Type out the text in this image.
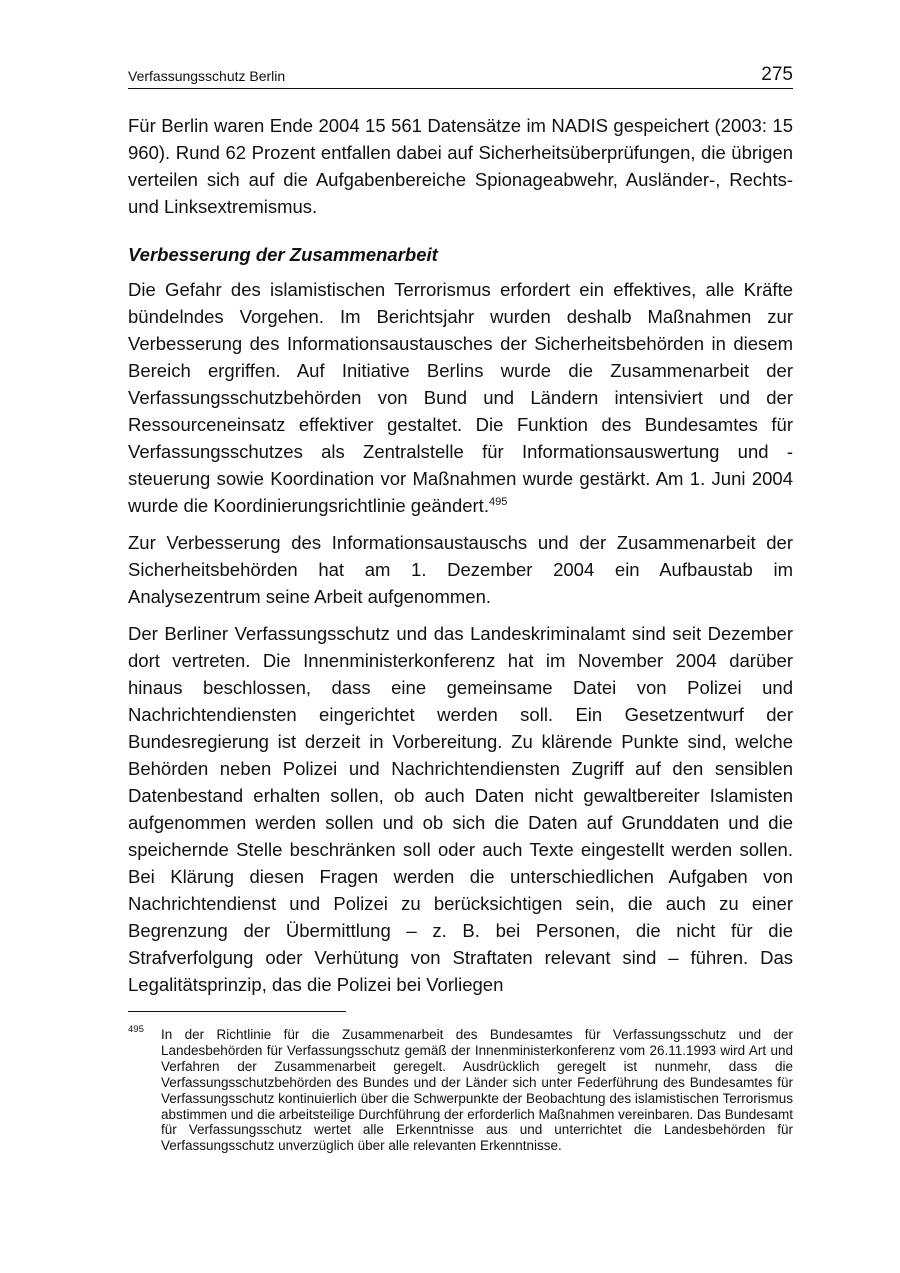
Verfassungsschutz Berlin	275

Für Berlin waren Ende 2004 15 561 Datensätze im NADIS gespeichert (2003: 15 960). Rund 62 Prozent entfallen dabei auf Sicherheitsüberprüfungen, die übrigen verteilen sich auf die Aufgabenbereiche Spionageabwehr, Ausländer-, Rechts- und Linksextremismus.

Verbesserung der Zusammenarbeit

Die Gefahr des islamistischen Terrorismus erfordert ein effektives, alle Kräfte bündelndes Vorgehen. Im Berichtsjahr wurden deshalb Maßnahmen zur Verbesserung des Informationsaustausches der Sicherheitsbehörden in diesem Bereich ergriffen. Auf Initiative Berlins wurde die Zusammenarbeit der Verfassungsschutzbehörden von Bund und Ländern intensiviert und der Ressourceneinsatz effektiver gestaltet. Die Funktion des Bundesamtes für Verfassungsschutzes als Zentralstelle für Informationsauswertung und -steuerung sowie Koordination vor Maßnahmen wurde gestärkt. Am 1. Juni 2004 wurde die Koordinierungsrichtlinie geändert.$^{495}$

Zur Verbesserung des Informationsaustauschs und der Zusammenarbeit der Sicherheitsbehörden hat am 1. Dezember 2004 ein Aufbaustab im Analysezentrum seine Arbeit aufgenommen.

Der Berliner Verfassungsschutz und das Landeskriminalamt sind seit Dezember dort vertreten. Die Innenministerkonferenz hat im November 2004 darüber hinaus beschlossen, dass eine gemeinsame Datei von Polizei und Nachrichtendiensten eingerichtet werden soll. Ein Gesetzentwurf der Bundesregierung ist derzeit in Vorbereitung. Zu klärende Punkte sind, welche Behörden neben Polizei und Nachrichtendiensten Zugriff auf den sensiblen Datenbestand erhalten sollen, ob auch Daten nicht gewaltbereiter Islamisten aufgenommen werden sollen und ob sich die Daten auf Grunddaten und die speichernde Stelle beschränken soll oder auch Texte eingestellt werden sollen. Bei Klärung diesen Fragen werden die unterschiedlichen Aufgaben von Nachrichtendienst und Polizei zu berücksichtigen sein, die auch zu einer Begrenzung der Übermittlung – z. B. bei Personen, die nicht für die Strafverfolgung oder Verhütung von Straftaten relevant sind – führen. Das Legalitätsprinzip, das die Polizei bei Vorliegen

495 In der Richtlinie für die Zusammenarbeit des Bundesamtes für Verfassungsschutz und der Landesbehörden für Verfassungsschutz gemäß der Innenministerkonferenz vom 26.11.1993 wird Art und Verfahren der Zusammenarbeit geregelt. Ausdrücklich geregelt ist nunmehr, dass die Verfassungsschutzbehörden des Bundes und der Länder sich unter Federführung des Bundesamtes für Verfassungsschutz kontinuierlich über die Schwerpunkte der Beobachtung des islamistischen Terrorismus abstimmen und die arbeitsteilige Durchführung der erforderlich Maßnahmen vereinbaren. Das Bundesamt für Verfassungsschutz wertet alle Erkenntnisse aus und unterrichtet die Landesbehörden für Verfassungsschutz unverzüglich über alle relevanten Erkenntnisse.
